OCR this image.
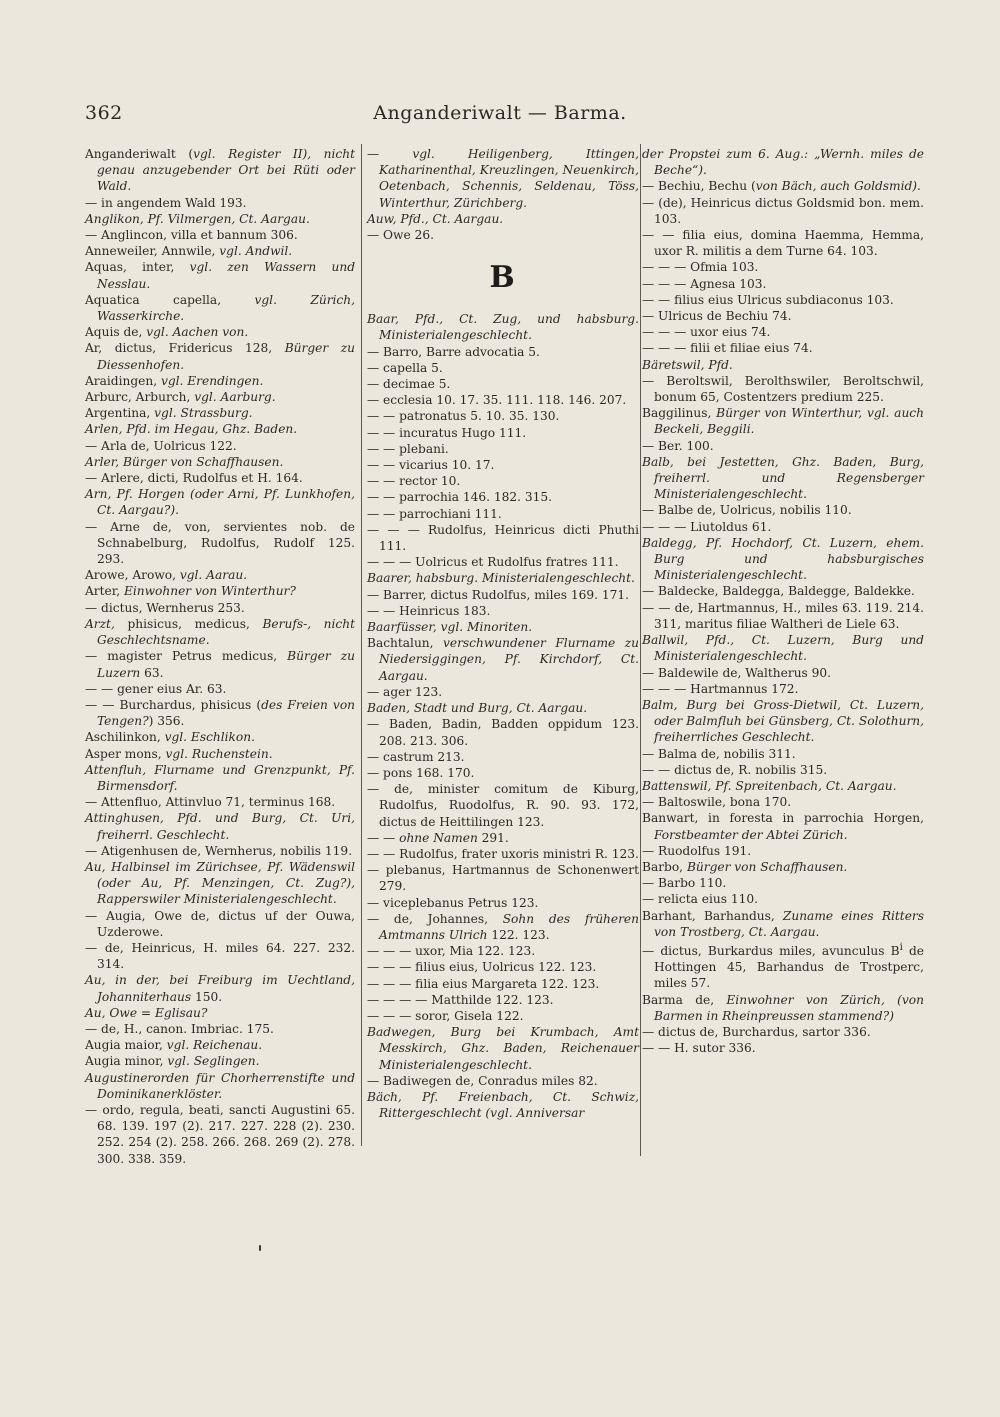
362	Anganderiwalt — Barma.

Anganderiwalt (vgl. Register II), nicht genau anzugebender Ort bei Rüti oder Wald.

— in angendem Wald 193.

Anglikon, Pf. Vilmergen, Ct. Aargau.

— Anglincon, villa et bannum 306.

Anneweiler, Annwile, vgl. Andwil.

Aquas, inter, vgl. zen Wassern und Nesslau.

Aquatica capella, vgl. Zürich, Wasserkirche.

Aquis de, vgl. Aachen von.

Ar, dictus, Fridericus 128, Bürger zu Diessenhofen.

Araidingen, vgl. Erendingen.

Arburc, Arburch, vgl. Aarburg.

Argentina, vgl. Strassburg.

Arlen, Pfd. im Hegau, Ghz. Baden.

— Arla de, Uolricus 122.

Arler, Bürger von Schaffhausen.

— Arlere, dicti, Rudolfus et H. 164.

Arn, Pf. Horgen (oder Arni, Pf. Lunkhofen, Ct. Aargau?).

— Arne de, von, servientes nob. de Schnabelburg, Rudolfus, Rudolf 125. 293.

Arowe, Arowo, vgl. Aarau.

Arter, Einwohner von Winterthur?

— dictus, Wernherus 253.

Arzt, phisicus, medicus, Berufs-, nicht Geschlechtsname.

— magister Petrus medicus, Bürger zu Luzern 63.

— — gener eius Ar. 63.

— — Burchardus, phisicus (des Freien von Tengen?) 356.

Aschilinkon, vgl. Eschlikon.

Asper mons, vgl. Ruchenstein.

Attenfluh, Flurname und Grenzpunkt, Pf. Birmensdorf.

— Attenfluo, Attinvluo 71, terminus 168.

Attinghusen, Pfd. und Burg, Ct. Uri, freiherrl. Geschlecht.

— Atigenhusen de, Wernherus, nobilis 119.

Au, Halbinsel im Zürichsee, Pf. Wädenswil (oder Au, Pf. Menzingen, Ct. Zug?), Rapperswiler Ministerialengeschlecht.

— Augia, Owe de, dictus uf der Ouwa, Uzderowe.

— de, Heinricus, H. miles 64. 227. 232. 314.

Au, in der, bei Freiburg im Uechtland, Johanniterhaus 150.

Au, Owe = Eglisau?

— de, H., canon. Imbriac. 175.

Augia maior, vgl. Reichenau.

Augia minor, vgl. Seglingen.

Augustinerorden für Chorherrenstifte und Dominikanerklöster.

— ordo, regula, beati, sancti Augustini 65. 68. 139. 197 (2). 217. 227. 228 (2). 230. 252. 254 (2). 258. 266. 268. 269 (2). 278. 300. 338. 359.

— vgl. Heiligenberg, Ittingen, Katharinenthal, Kreuzlingen, Neuenkirch, Oetenbach, Schennis, Seldenau, Töss, Winterthur, Zürichberg.

Auw, Pfd., Ct. Aargau.

— Owe 26.

B

Baar, Pfd., Ct. Zug, und habsburg. Ministerialengeschlecht.

— Barro, Barre advocatia 5.

— capella 5.

— decimae 5.

— ecclesia 10. 17. 35. 111. 118. 146. 207.

— — patronatus 5. 10. 35. 130.

— — incuratus Hugo 111.

— — plebani.

— — vicarius 10. 17.

— — rector 10.

— — parrochia 146. 182. 315.

— — parrochiani 111.

— — — Rudolfus, Heinricus dicti Phuthi 111.

— — — Uolricus et Rudolfus fratres 111.

Baarer, habsburg. Ministerialengeschlecht.

— Barrer, dictus Rudolfus, miles 169. 171.

— — Heinricus 183.

Baarfüsser, vgl. Minoriten.

Bachtalun, verschwundener Flurname zu Niedersiggingen, Pf. Kirchdorf, Ct. Aargau.

— ager 123.

Baden, Stadt und Burg, Ct. Aargau.

— Baden, Badin, Badden oppidum 123. 208. 213. 306.

— castrum 213.

— pons 168. 170.

— de, minister comitum de Kiburg, Rudolfus, Ruodolfus, R. 90. 93. 172, dictus de Heittilingen 123.

— — ohne Namen 291.

— — Rudolfus, frater uxoris ministri R. 123.

— plebanus, Hartmannus de Schonenwert 279.

— viceplebanus Petrus 123.

— de, Johannes, Sohn des früheren Amtmanns Ulrich 122. 123.

— — — uxor, Mia 122. 123.

— — — filius eius, Uolricus 122. 123.

— — — filia eius Margareta 122. 123.

— — — — Matthilde 122. 123.

— — — soror, Gisela 122.

Badwegen, Burg bei Krumbach, Amt Messkirch, Ghz. Baden, Reichenauer Ministerialengeschlecht.

— Badiwegen de, Conradus miles 82.

Bäch, Pf. Freienbach, Ct. Schwiz, Rittergeschlecht (vgl. Anniversar

der Propstei zum 6. Aug.: „Wernh. miles de Beche“).

— Bechiu, Bechu (von Bäch, auch Goldsmid).

— (de), Heinricus dictus Goldsmid bon. mem. 103.

— — filia eius, domina Haemma, Hemma, uxor R. militis a dem Turne 64. 103.

— — — Ofmia 103.

— — — Agnesa 103.

— — filius eius Ulricus subdiaconus 103.

— Ulricus de Bechiu 74.

— — — uxor eius 74.

— — — filii et filiae eius 74.

Bäretswil, Pfd.

— Beroltswil, Berolthswiler, Beroltschwil, bonum 65, Costentzers predium 225.

Baggilinus, Bürger von Winterthur, vgl. auch Beckeli, Beggili.

— Ber. 100.

Balb, bei Jestetten, Ghz. Baden, Burg, freiherrl. und Regensberger Ministerialengeschlecht.

— Balbe de, Uolricus, nobilis 110.

— — — Liutoldus 61.

Baldegg, Pf. Hochdorf, Ct. Luzern, ehem. Burg und habsburgisches Ministerialengeschlecht.

— Baldecke, Baldegga, Baldegge, Baldekke.

— — de, Hartmannus, H., miles 63. 119. 214. 311, maritus filiae Waltheri de Liele 63.

Ballwil, Pfd., Ct. Luzern, Burg und Ministerialengeschlecht.

— Baldewile de, Waltherus 90.

— — — Hartmannus 172.

Balm, Burg bei Gross-Dietwil, Ct. Luzern, oder Balmfluh bei Günsberg, Ct. Solothurn, freiherrliches Geschlecht.

— Balma de, nobilis 311.

— — dictus de, R. nobilis 315.

Battenswil, Pf. Spreitenbach, Ct. Aargau.

— Baltoswile, bona 170.

Banwart, in foresta in parrochia Horgen, Forstbeamter der Abtei Zürich.

— Ruodolfus 191.

Barbo, Bürger von Schaffhausen.

— Barbo 110.

— relicta eius 110.

Barhant, Barhandus, Zuname eines Ritters von Trostberg, Ct. Aargau.

— dictus, Burkardus miles, avunculus $B^i$ de Hottingen 45, Barhandus de Trostperc, miles 57.

Barma de, Einwohner von Zürich, (von Barmen in Rheinpreussen stammend?)

— dictus de, Burchardus, sartor 336.

— — H. sutor 336.
